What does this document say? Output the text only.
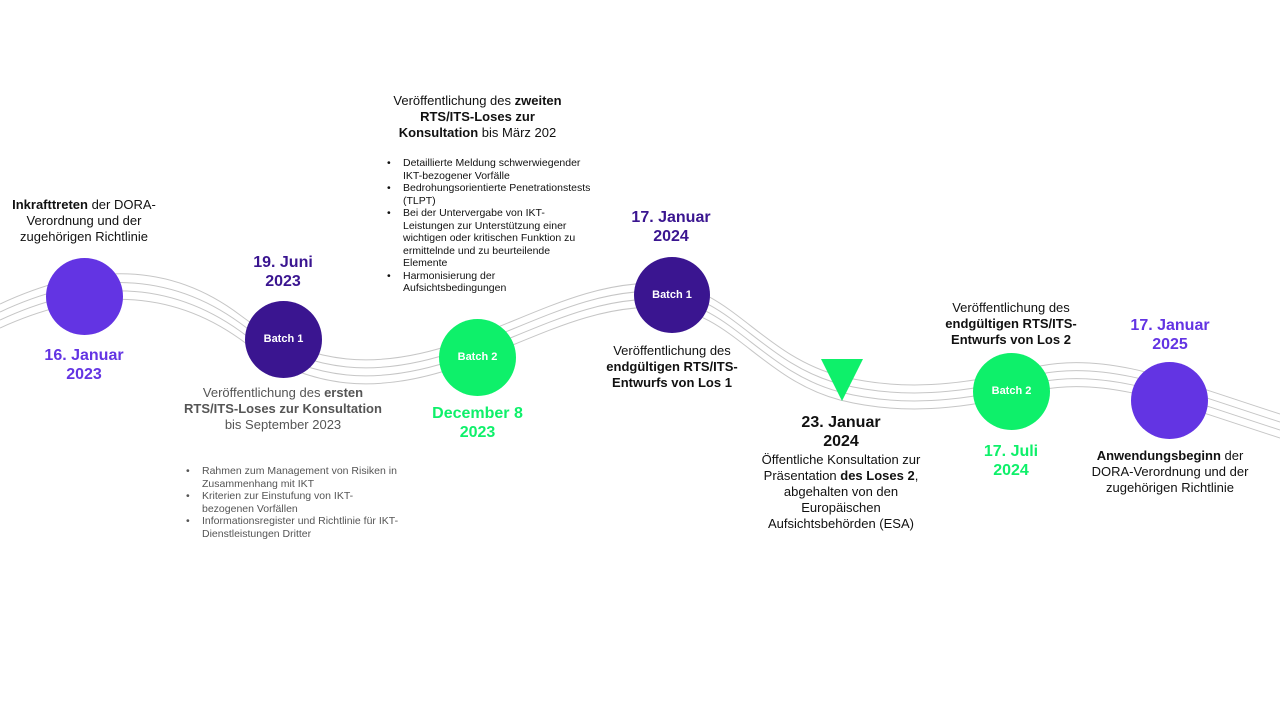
Inkrafttreten der DORA-Verordnung und der zugehörigen Richtlinie
16. Januar 2023
19. Juni 2023
Batch 1
Veröffentlichung des ersten RTS/ITS-Loses zur Konsultation bis September 2023
• Rahmen zum Management von Risiken in Zusammenhang mit IKT
• Kriterien zur Einstufung von IKT-bezogenen Vorfällen
• Informationsregister und Richtlinie für IKT-Dienstleistungen Dritter
Veröffentlichung des zweiten RTS/ITS-Loses zur Konsultation bis März 202
• Detaillierte Meldung schwerwiegender IKT-bezogener Vorfälle
• Bedrohungsorientierte Penetrationstests (TLPT)
• Bei der Untervergabe von IKT-Leistungen zur Unterstützung einer wichtigen oder kritischen Funktion zu ermittelnde und zu beurteilende Elemente
• Harmonisierung der Aufsichtsbedingungen
Batch 2
December 8 2023
17. Januar 2024
Batch 1
Veröffentlichung des endgültigen RTS/ITS-Entwurfs von Los 1
23. Januar 2024
Öffentliche Konsultation zur Präsentation des Loses 2, abgehalten von den Europäischen Aufsichtsbehörden (ESA)
Veröffentlichung des endgültigen RTS/ITS-Entwurfs von Los 2
Batch 2
17. Juli 2024
17. Januar 2025
Anwendungsbeginn der DORA-Verordnung und der zugehörigen Richtlinie
